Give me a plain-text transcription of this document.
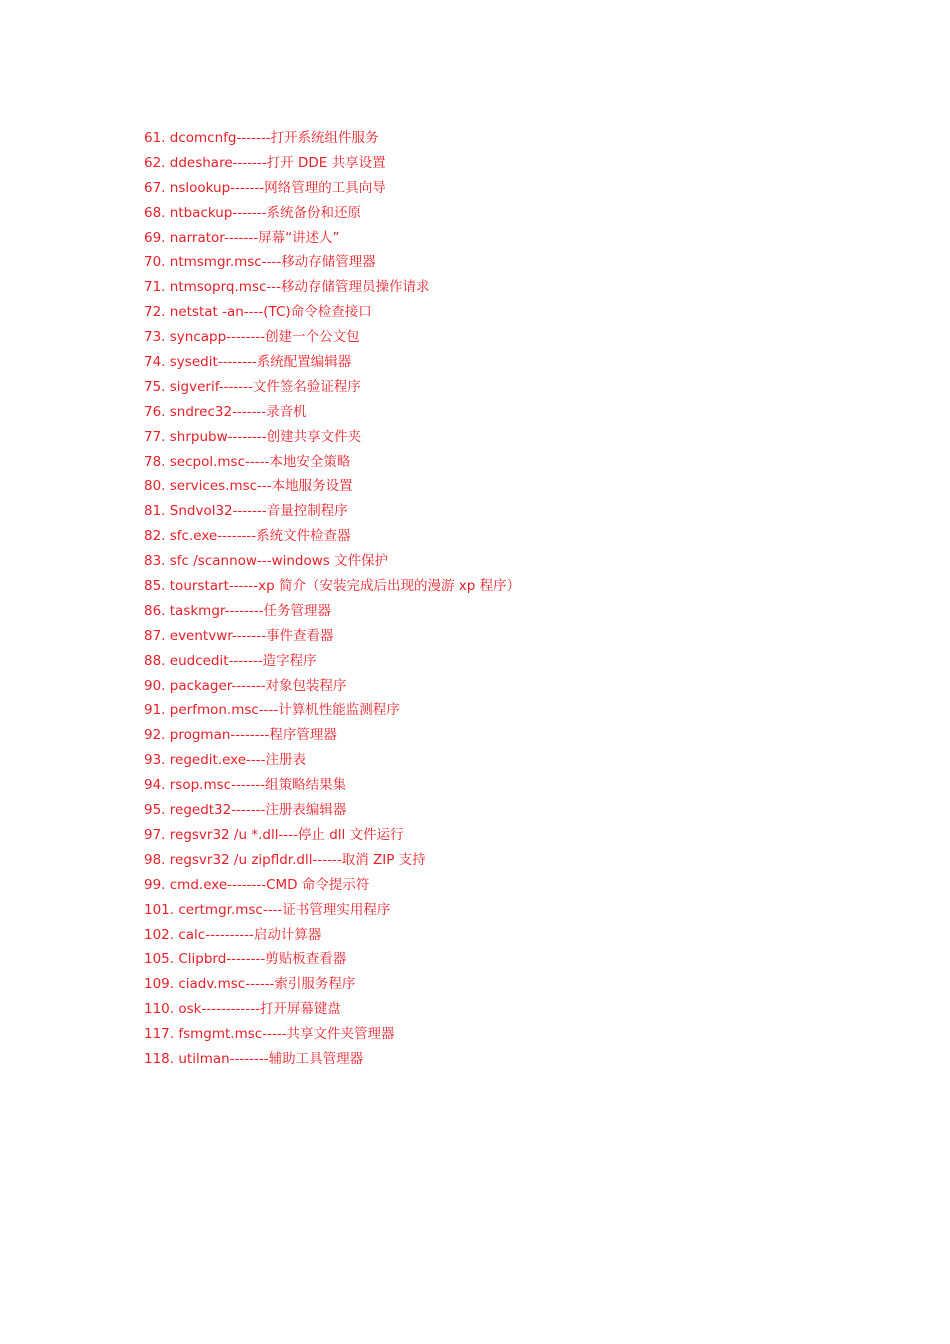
61. dcomcnfg-------打开系统组件服务
62. ddeshare-------打开 DDE 共享设置
67. nslookup-------网络管理的工具向导
68. ntbackup-------系统备份和还原
69. narrator-------屏幕“讲述人”
70. ntmsmgr.msc----移动存储管理器
71. ntmsoprq.msc---移动存储管理员操作请求
72. netstat -an----(TC)命令检查接口
73. syncapp--------创建一个公文包
74. sysedit--------系统配置编辑器
75. sigverif-------文件签名验证程序
76. sndrec32-------录音机
77. shrpubw--------创建共享文件夹
78. secpol.msc-----本地安全策略
80. services.msc---本地服务设置
81. Sndvol32-------音量控制程序
82. sfc.exe--------系统文件检查器
83. sfc /scannow---windows 文件保护
85. tourstart------xp 简介（安装完成后出现的漫游 xp 程序）
86. taskmgr--------任务管理器
87. eventvwr-------事件查看器
88. eudcedit-------造字程序
90. packager-------对象包装程序
91. perfmon.msc----计算机性能监测程序
92. progman--------程序管理器
93. regedit.exe----注册表
94. rsop.msc-------组策略结果集
95. regedt32-------注册表编辑器
97. regsvr32 /u *.dll----停止 dll 文件运行
98. regsvr32 /u zipfldr.dll------取消 ZIP 支持
99. cmd.exe--------CMD 命令提示符
101. certmgr.msc----证书管理实用程序
102. calc----------启动计算器
105. Clipbrd--------剪贴板查看器
109. ciadv.msc------索引服务程序
110. osk------------打开屏幕键盘
117. fsmgmt.msc-----共享文件夹管理器
118. utilman--------辅助工具管理器
